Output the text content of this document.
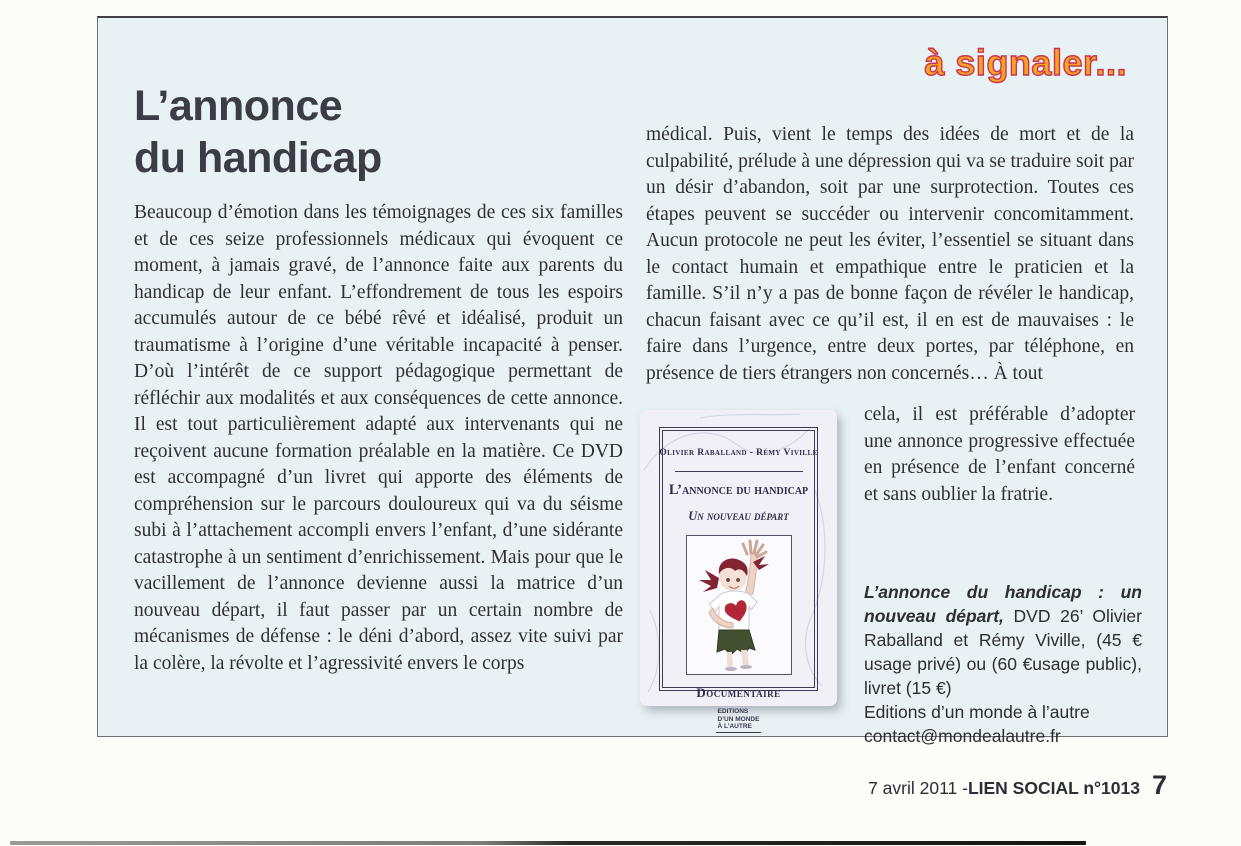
à signaler...
L’annonce
du handicap
Beaucoup d’émotion dans les témoignages de ces six familles et de ces seize professionnels médicaux qui évoquent ce moment, à jamais gravé, de l’annonce faite aux parents du handicap de leur enfant. L’effondrement de tous les espoirs accumulés autour de ce bébé rêvé et idéalisé, produit un traumatisme à l’origine d’une véritable incapacité à penser. D’où l’intérêt de ce support pédagogique permettant de réfléchir aux modalités et aux conséquences de cette annonce. Il est tout particulièrement adapté aux intervenants qui ne reçoivent aucune formation préalable en la matière. Ce DVD est accompagné d’un livret qui apporte des éléments de compréhension sur le parcours douloureux qui va du séisme subi à l’attachement accompli envers l’enfant, d’une sidérante catastrophe à un sentiment d’enrichissement. Mais pour que le vacillement de l’annonce devienne aussi la matrice d’un nouveau départ, il faut passer par un certain nombre de mécanismes de défense : le déni d’abord, assez vite suivi par la colère, la révolte et l’agressivité envers le corps
médical. Puis, vient le temps des idées de mort et de la culpabilité, prélude à une dépression qui va se traduire soit par un désir d’abandon, soit par une surprotection. Toutes ces étapes peuvent se succéder ou intervenir concomitamment. Aucun protocole ne peut les éviter, l’essentiel se situant dans le contact humain et empathique entre le praticien et la famille. S’il n’y a pas de bonne façon de révéler le handicap, chacun faisant avec ce qu’il est, il en est de mauvaises : le faire dans l’urgence, entre deux portes, par téléphone, en présence de tiers étrangers non concernés… À tout
cela, il est préférable d’adopter une annonce progressive effectuée en présence de l’enfant concerné et sans oublier la fratrie.
Olivier Raballand - Rémy Viville
L’annonce du handicap
Un nouveau départ
Documentaire
EDITIONS
D’UN MONDE
À L’AUTRE
L’annonce du handicap : un nouveau départ, DVD 26’ Olivier Raballand et Rémy Viville, (45 € usage privé) ou (60 €usage public), livret (15 €)
Editions d’un monde à l’autre
contact@mondealautre.fr
7 avril 2011 - LIEN SOCIAL n°1013 7
